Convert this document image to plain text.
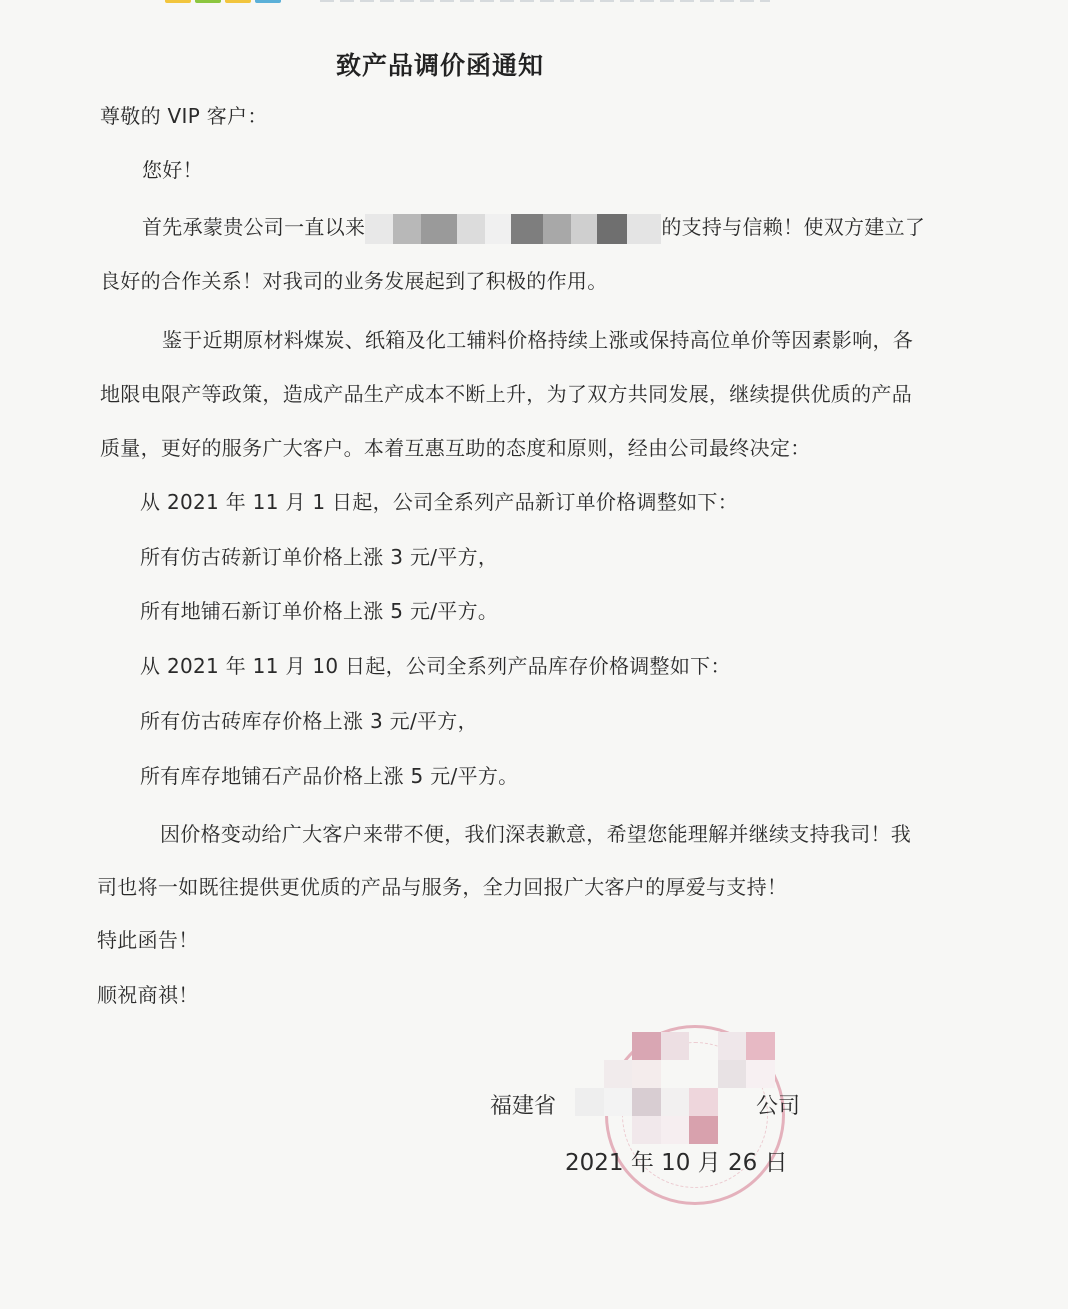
致产品调价函通知
尊敬的 VIP 客户：
您好！
首先承蒙贵公司一直以来	的支持与信赖！使双方建立了
良好的合作关系！对我司的业务发展起到了积极的作用。
鉴于近期原材料煤炭、纸箱及化工辅料价格持续上涨或保持高位单价等因素影响，各
地限电限产等政策，造成产品生产成本不断上升，为了双方共同发展，继续提供优质的产品
质量，更好的服务广大客户。本着互惠互助的态度和原则，经由公司最终决定：
从 2021 年 11 月 1 日起，公司全系列产品新订单价格调整如下：
所有仿古砖新订单价格上涨 3 元/平方，
所有地铺石新订单价格上涨 5 元/平方。
从 2021 年 11 月 10 日起，公司全系列产品库存价格调整如下：
所有仿古砖库存价格上涨 3 元/平方，
所有库存地铺石产品价格上涨 5 元/平方。
因价格变动给广大客户来带不便，我们深表歉意，希望您能理解并继续支持我司！我
司也将一如既往提供更优质的产品与服务，全力回报广大客户的厚爱与支持！
特此函告！
顺祝商祺！
福建省	公司
2021 年 10 月 26 日
